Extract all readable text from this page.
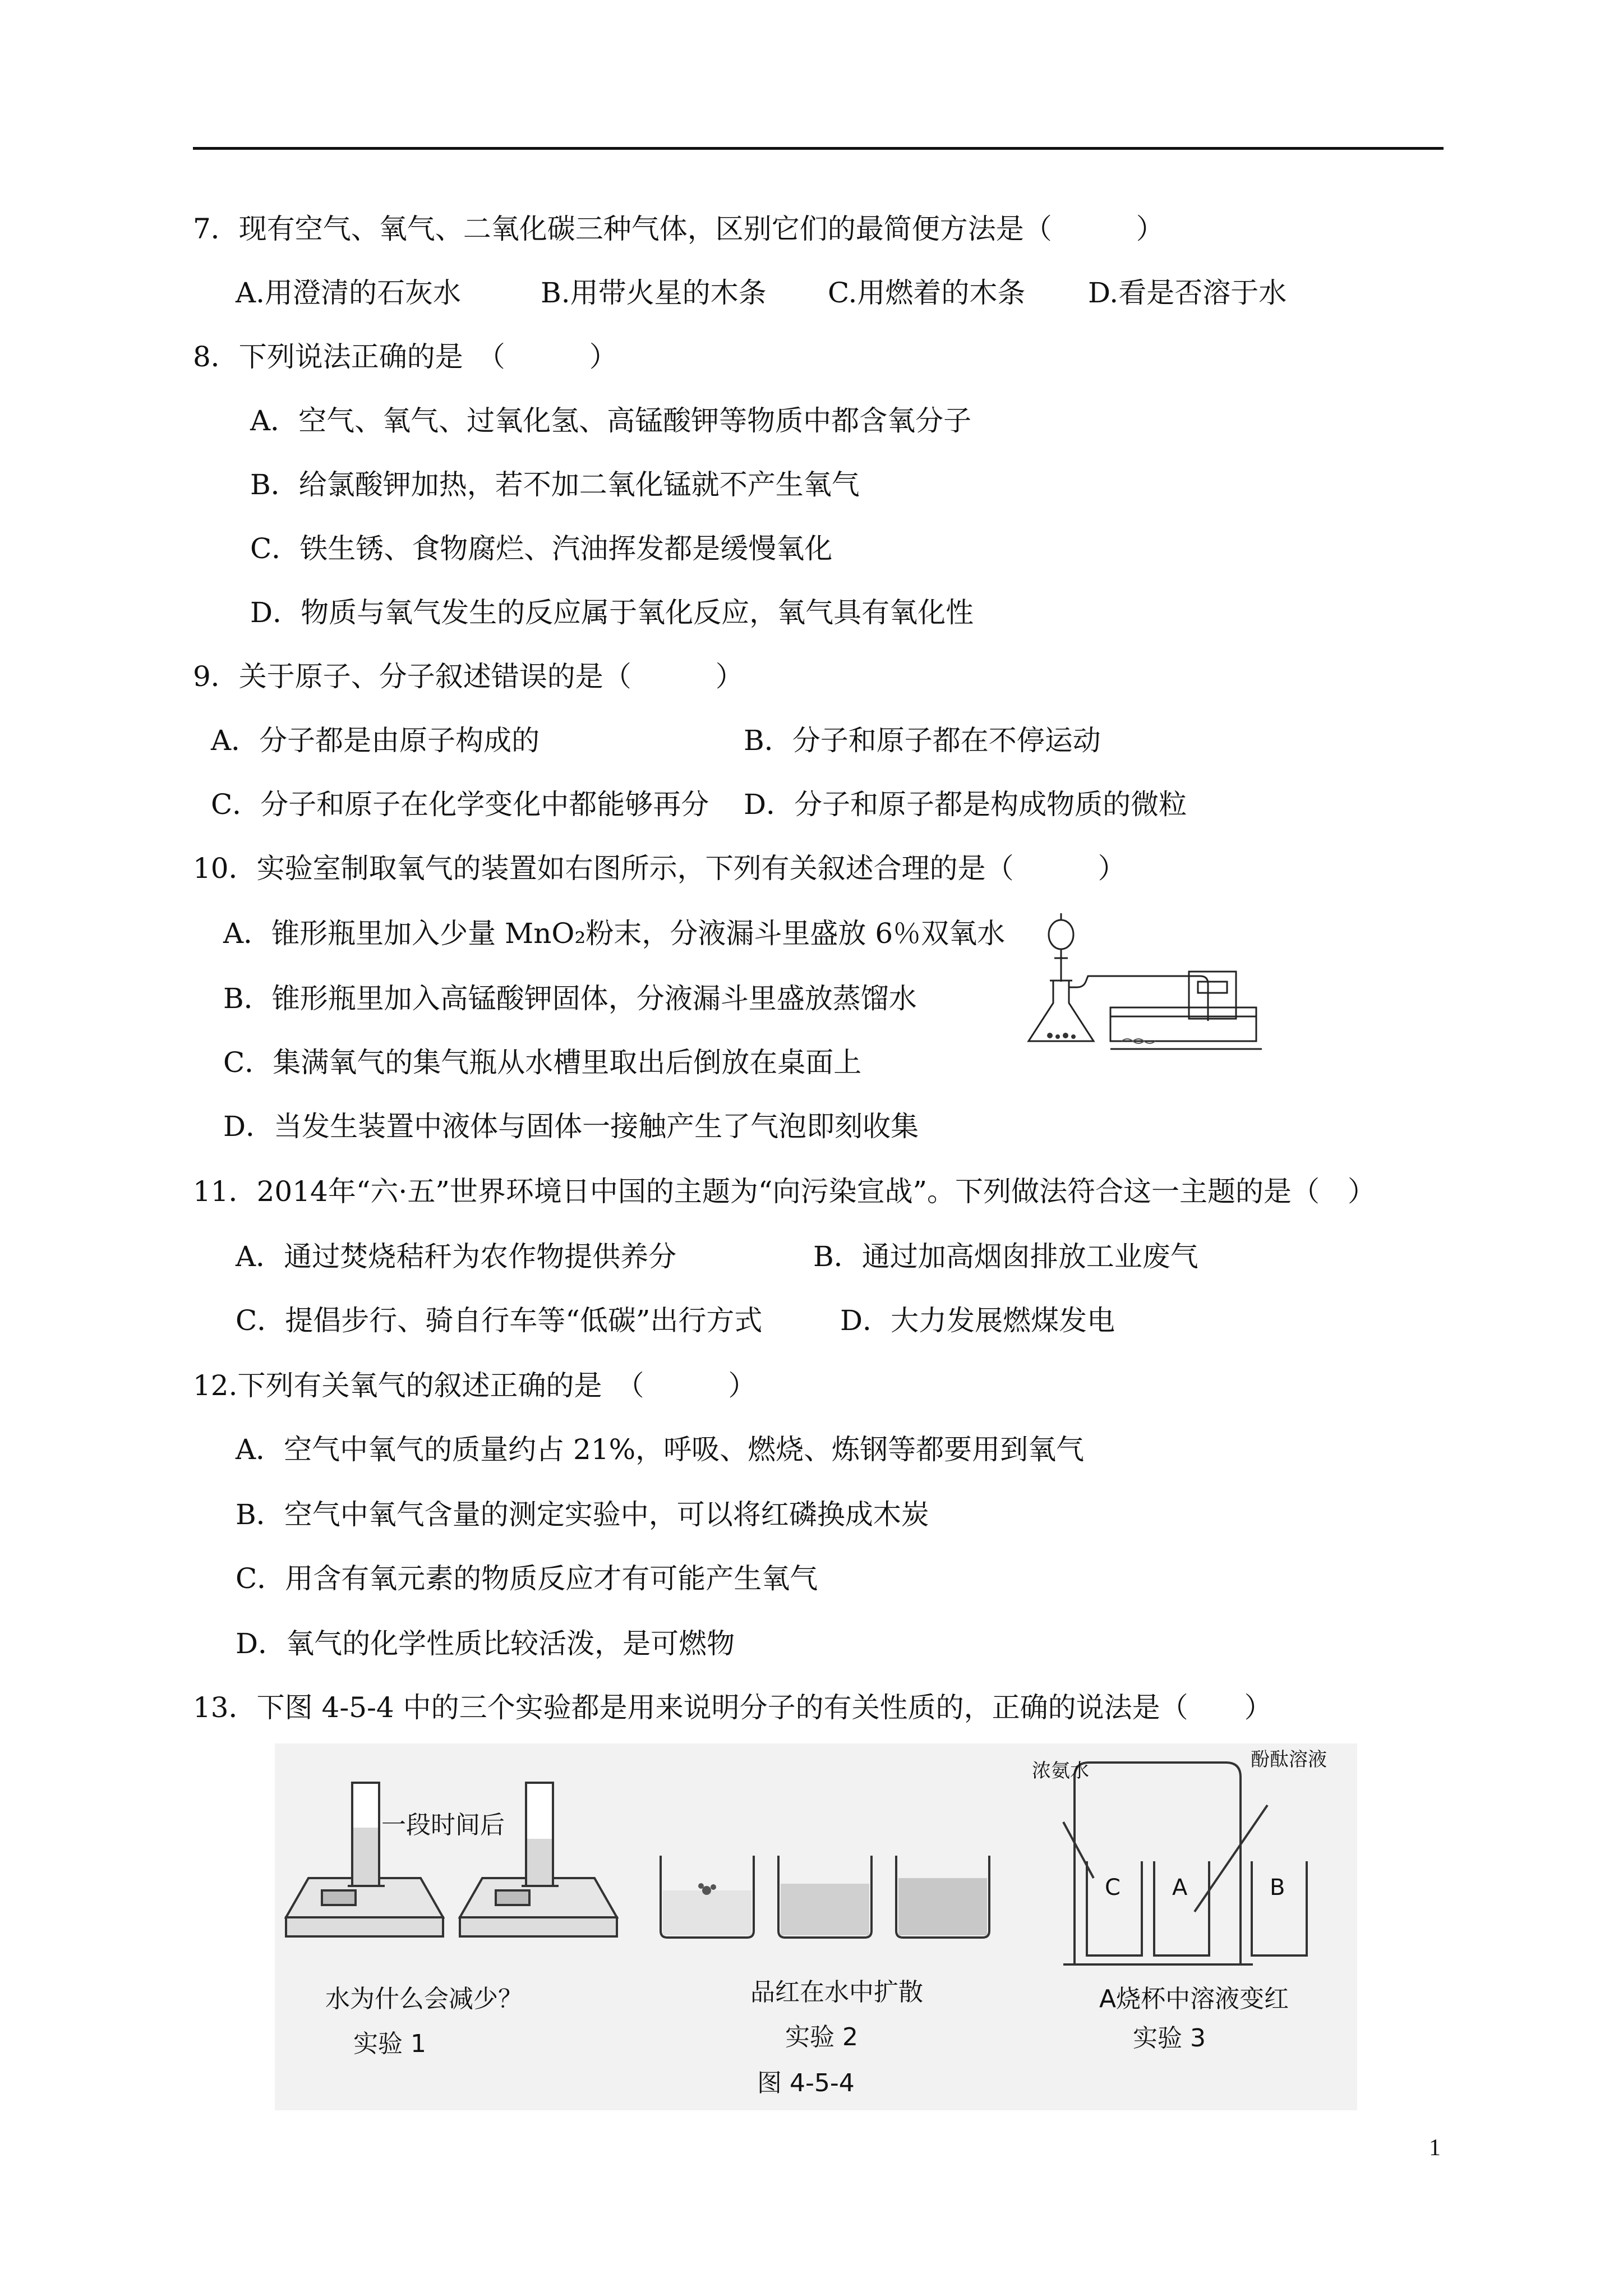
7．现有空气、氧气、二氧化碳三种气体，区别它们的最简便方法是（　　　）
A.用澄清的石灰水	B.用带火星的木条 C.用燃着的木条 D.看是否溶于水
8．下列说法正确的是　（　　　）
A．空气、氧气、过氧化氢、高锰酸钾等物质中都含氧分子
B．给氯酸钾加热，若不加二氧化锰就不产生氧气
C．铁生锈、食物腐烂、汽油挥发都是缓慢氧化
D．物质与氧气发生的反应属于氧化反应，氧气具有氧化性
9．关于原子、分子叙述错误的是（　　　）
A．分子都是由原子构成的	B．分子和原子都在不停运动
C．分子和原子在化学变化中都能够再分 D．分子和原子都是构成物质的微粒
10．实验室制取氧气的装置如右图所示，下列有关叙述合理的是（　　　）
A．锥形瓶里加入少量 MnO₂粉末，分液漏斗里盛放 6％双氧水
B．锥形瓶里加入高锰酸钾固体，分液漏斗里盛放蒸馏水
C．集满氧气的集气瓶从水槽里取出后倒放在桌面上
D．当发生装置中液体与固体一接触产生了气泡即刻收集
11．2014年“六·五”世界环境日中国的主题为“向污染宣战”。下列做法符合这一主题的是（　）
A．通过焚烧秸秆为农作物提供养分	B．通过加高烟囱排放工业废气
C．提倡步行、骑自行车等“低碳”出行方式	D．大力发展燃煤发电
12.下列有关氧气的叙述正确的是　（　　　）
A．空气中氧气的质量约占 21%，呼吸、燃烧、炼钢等都要用到氧气
B．空气中氧气含量的测定实验中，可以将红磷换成木炭
C．用含有氧元素的物质反应才有可能产生氧气
D．氧气的化学性质比较活泼，是可燃物
13．下图 4-5-4 中的三个实验都是用来说明分子的有关性质的，正确的说法是（　　）
一段时间后
水为什么会减少？
实验 1
品红在水中扩散
实验 2
C A	B
浓氨水	酚酞溶液
A烧杯中溶液变红
实验 3
图 4-5-4
1
